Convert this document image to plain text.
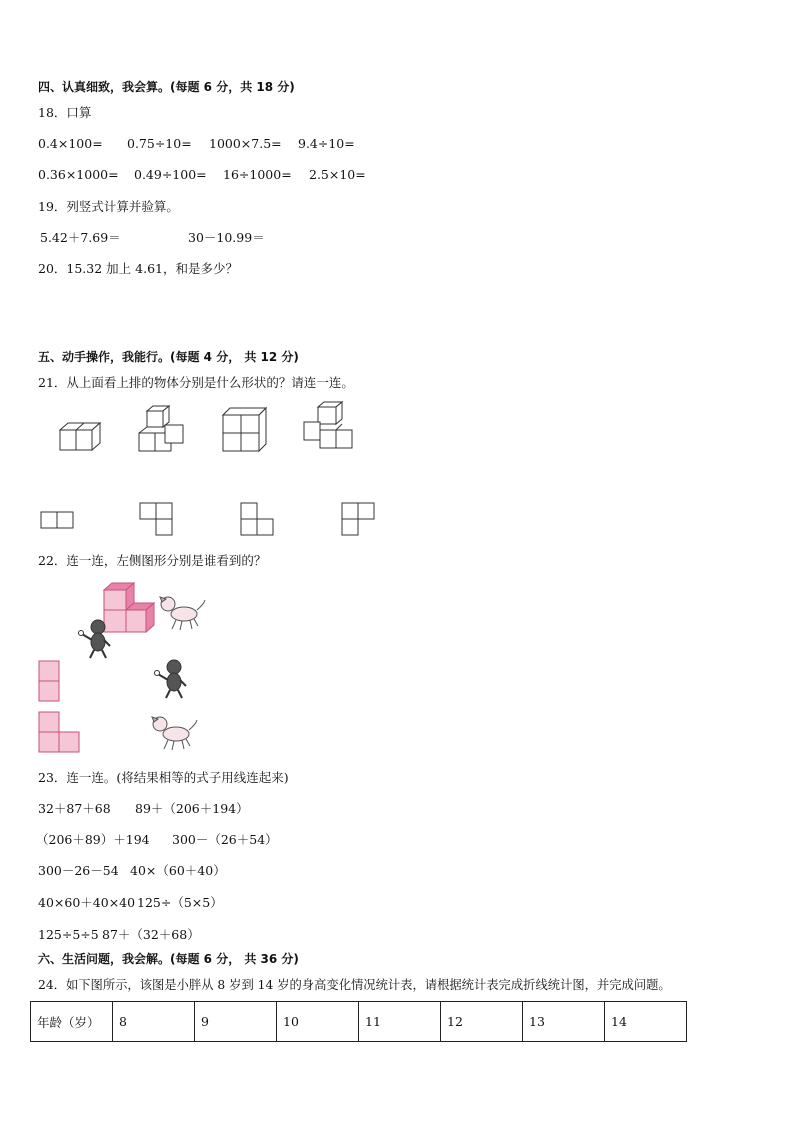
四、认真细致，我会算。(每题 6 分，共 18 分)
18．口算
0.4×100= 0.75÷10= 1000×7.5= 9.4÷10=
0.36×1000= 0.49÷100= 16÷1000= 2.5×10=
19．列竖式计算并验算。
5.42＋7.69＝	30－10.99＝
20．15.32 加上 4.61，和是多少？
五、动手操作，我能行。(每题 4 分， 共 12 分)
21．从上面看上排的物体分别是什么形状的？请连一连。
22．连一连，左侧图形分别是谁看到的？
23．连一连。(将结果相等的式子用线连起来)
32＋87＋68 89＋（206＋194）
（206＋89）＋194 300－（26＋54）
300－26－54 40×（60＋40）
40×60＋40×40 125÷（5×5）
125÷5÷5 87＋（32＋68）
六、生活问题，我会解。(每题 6 分， 共 36 分)
24．如下图所示，该图是小胖从 8 岁到 14 岁的身高变化情况统计表，请根据统计表完成折线统计图，并完成问题。
年龄（岁）	8	9	10	11	12	13	14
